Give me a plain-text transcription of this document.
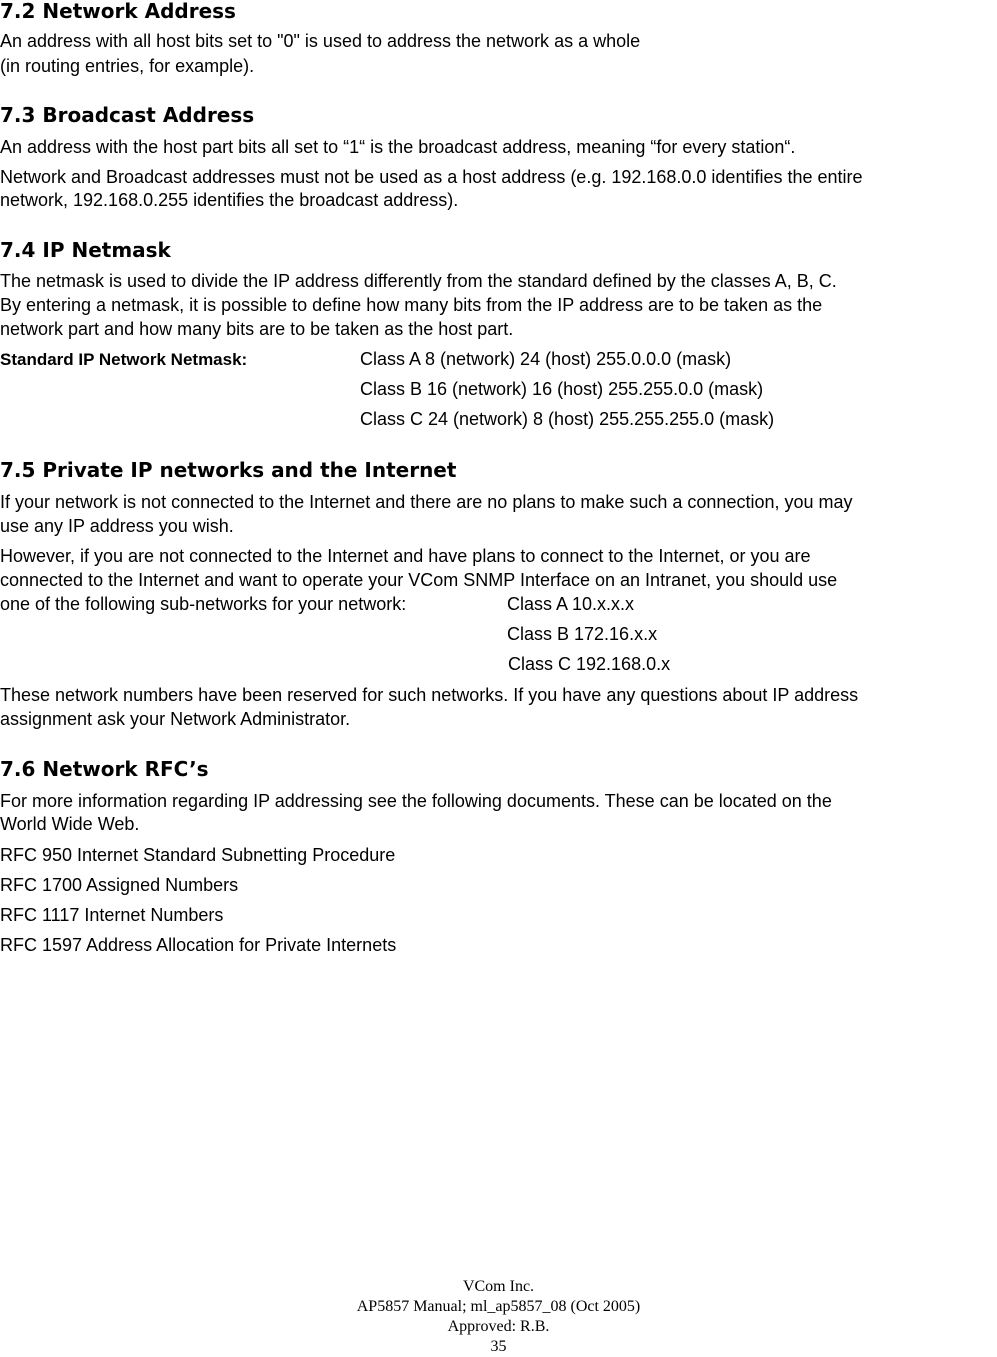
7.2 Network Address

An address with all host bits set to "0" is used to address the network as a whole

(in routing entries, for example).

7.3 Broadcast Address

An address with the host part bits all set to “1“ is the broadcast address, meaning “for every station“.

Network and Broadcast addresses must not be used as a host address (e.g. 192.168.0.0 identifies the entire

network, 192.168.0.255 identifies the broadcast address).

7.4 IP Netmask

The netmask is used to divide the IP address differently from the standard defined by the classes A, B, C.

By entering a netmask, it is possible to define how many bits from the IP address are to be taken as the

network part and how many bits are to be taken as the host part.

Standard IP Network Netmask:	Class A 8 (network) 24 (host) 255.0.0.0 (mask)
Class B 16 (network) 16 (host) 255.255.0.0 (mask)
Class C 24 (network) 8 (host) 255.255.255.0 (mask)
7.5 Private IP networks and the Internet

If your network is not connected to the Internet and there are no plans to make such a connection, you may

use any IP address you wish.

However, if you are not connected to the Internet and have plans to connect to the Internet, or you are

connected to the Internet and want to operate your VCom SNMP Interface on an Intranet, you should use

one of the following sub-networks for your network:	Class A 10.x.x.x
Class B 172.16.x.x
Class C 192.168.0.x

These network numbers have been reserved for such networks. If you have any questions about IP address

assignment ask your Network Administrator.

7.6 Network RFC’s

For more information regarding IP addressing see the following documents. These can be located on the

World Wide Web.

RFC 950 Internet Standard Subnetting Procedure

RFC 1700 Assigned Numbers

RFC 1117 Internet Numbers

RFC 1597 Address Allocation for Private Internets

VCom Inc.
AP5857 Manual; ml_ap5857_08 (Oct 2005)
Approved: R.B.
35
